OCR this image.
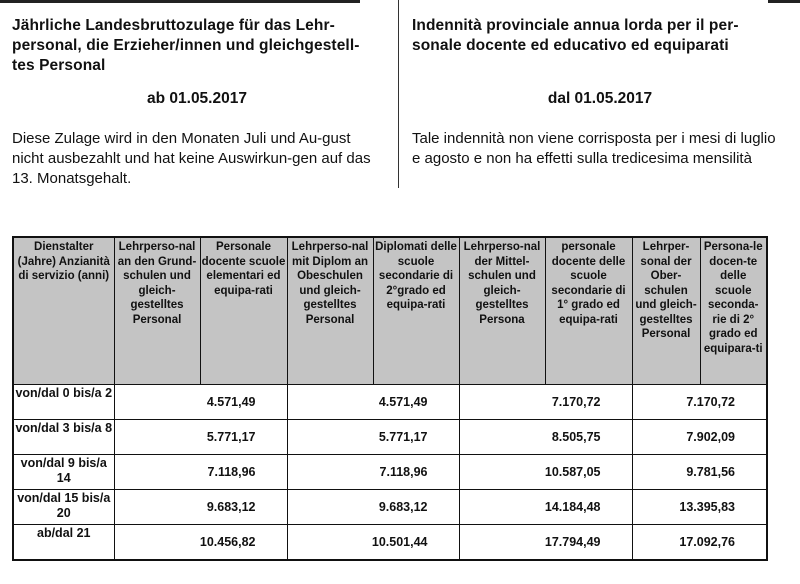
Jährliche Landesbruttozulage für das Lehr-personal, die Erzieher/innen und gleichgestell-tes Personal
ab 01.05.2017
Diese Zulage wird in den Monaten Juli und Au-gust nicht ausbezahlt und hat keine Auswirkun-gen auf das 13. Monatsgehalt.
Indennità provinciale annua lorda per il per-sonale docente ed educativo ed equiparati
dal 01.05.2017
Tale indennità non viene corrisposta per i mesi di luglio e agosto e non ha effetti sulla tredicesima mensilità
Dienstalter (Jahre) Anzianità di servizio (anni)	Lehrperso-nal an den Grund-schulen und gleich-gestelltes Personal	Personale docente scuole elementari ed equipa-rati	Lehrperso-nal mit Diplom an Obeschulen und gleich-gestelltes Personal	Diplomati delle scuole secondarie di 2°grado ed equipa-rati	Lehrperso-nal der Mittel-schulen und gleich-gestelltes Persona	personale docente delle scuole secondarie di 1° grado ed equipa-rati	Lehrper-sonal der Ober-schulen und gleich-gestelltes Personal	Persona-le docen-te delle scuole seconda-rie di 2° grado ed equipara-ti
von/dal 0 bis/a 2	4.571,49		4.571,49		7.170,72		7.170,72	
von/dal 3 bis/a 8	5.771,17		5.771,17		8.505,75		7.902,09	
von/dal 9 bis/a 14	7.118,96		7.118,96		10.587,05		9.781,56	
von/dal 15 bis/a 20	9.683,12		9.683,12		14.184,48		13.395,83	
ab/dal 21	10.456,82		10.501,44		17.794,49		17.092,76	
